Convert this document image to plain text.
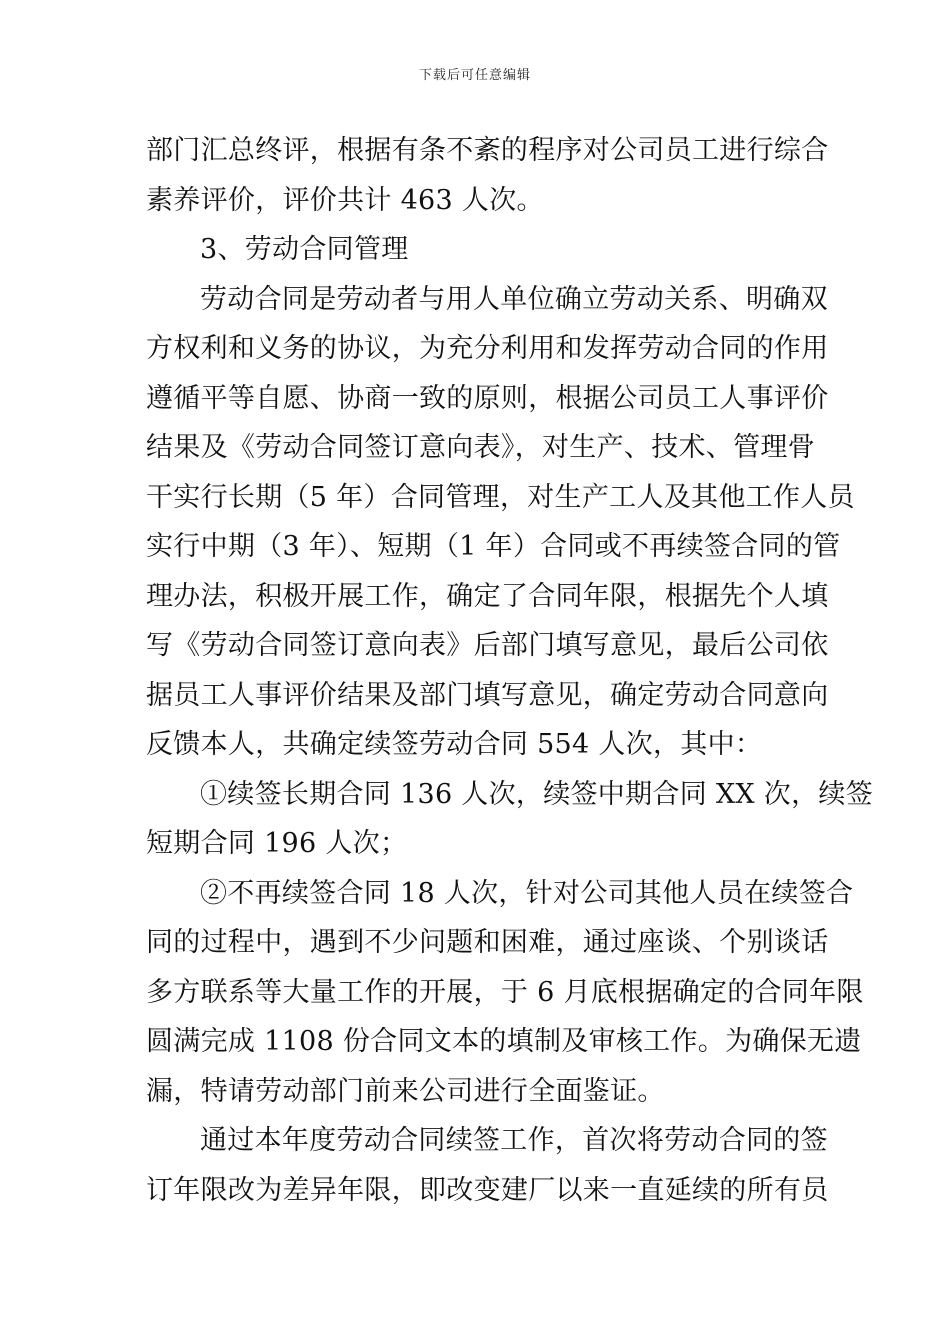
下载后可任意编辑
部门汇总终评，根据有条不紊的程序对公司员工进行综合
素养评价，评价共计 463 人次。
3、劳动合同管理
劳动合同是劳动者与用人单位确立劳动关系、明确双
方权利和义务的协议，为充分利用和发挥劳动合同的作用
遵循平等自愿、协商一致的原则，根据公司员工人事评价
结果及《劳动合同签订意向表》，对生产、技术、管理骨
干实行长期（5 年）合同管理，对生产工人及其他工作人员
实行中期（3 年）、短期（1 年）合同或不再续签合同的管
理办法，积极开展工作，确定了合同年限，根据先个人填
写《劳动合同签订意向表》后部门填写意见，最后公司依
据员工人事评价结果及部门填写意见，确定劳动合同意向
反馈本人，共确定续签劳动合同 554 人次，其中：
①续签长期合同 136 人次，续签中期合同 XX 次，续签
短期合同 196 人次；
②不再续签合同 18 人次，针对公司其他人员在续签合
同的过程中，遇到不少问题和困难，通过座谈、个别谈话
多方联系等大量工作的开展，于 6 月底根据确定的合同年限
圆满完成 1108 份合同文本的填制及审核工作。为确保无遗
漏，特请劳动部门前来公司进行全面鉴证。
通过本年度劳动合同续签工作，首次将劳动合同的签
订年限改为差异年限，即改变建厂以来一直延续的所有员
